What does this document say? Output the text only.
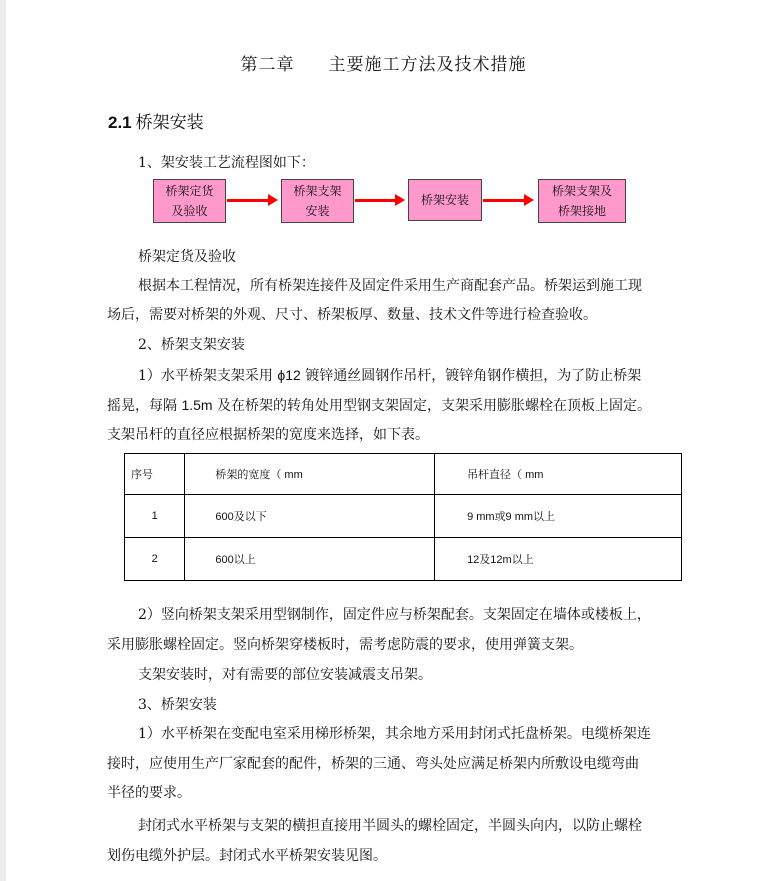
第二章 主要施工方法及技术措施
2.1 桥架安装
1、架安装工艺流程图如下：
桥架定货
及验收
桥架支架
安装
桥架安装
桥架支架及
桥架接地
桥架定货及验收
根据本工程情况，所有桥架连接件及固定件采用生产商配套产品。桥架运到施工现
场后，需要对桥架的外观、尺寸、桥架板厚、数量、技术文件等进行检查验收。
2、桥架支架安装
1）水平桥架支架采用 ϕ12 镀锌通丝圆钢作吊杆，镀锌角钢作横担，为了防止桥架
摇晃，每隔 1.5m 及在桥架的转角处用型钢支架固定，支架采用膨胀螺栓在顶板上固定。
支架吊杆的直径应根据桥架的宽度来选择，如下表。
序号	桥架的宽度（ mm	吊杆直径（ mm
1	600及以下	9 mm或9 mm以上
2	600以上	12及12m以上
2）竖向桥架支架采用型钢制作，固定件应与桥架配套。支架固定在墙体或楼板上，
采用膨胀螺栓固定。竖向桥架穿楼板时，需考虑防震的要求，使用弹簧支架。
支架安装时，对有需要的部位安装减震支吊架。
3、桥架安装
1）水平桥架在变配电室采用梯形桥架，其余地方采用封闭式托盘桥架。电缆桥架连
接时，应使用生产厂家配套的配件，桥架的三通、弯头处应满足桥架内所敷设电缆弯曲
半径的要求。
封闭式水平桥架与支架的横担直接用半圆头的螺栓固定，半圆头向内，以防止螺栓
划伤电缆外护层。封闭式水平桥架安装见图。
